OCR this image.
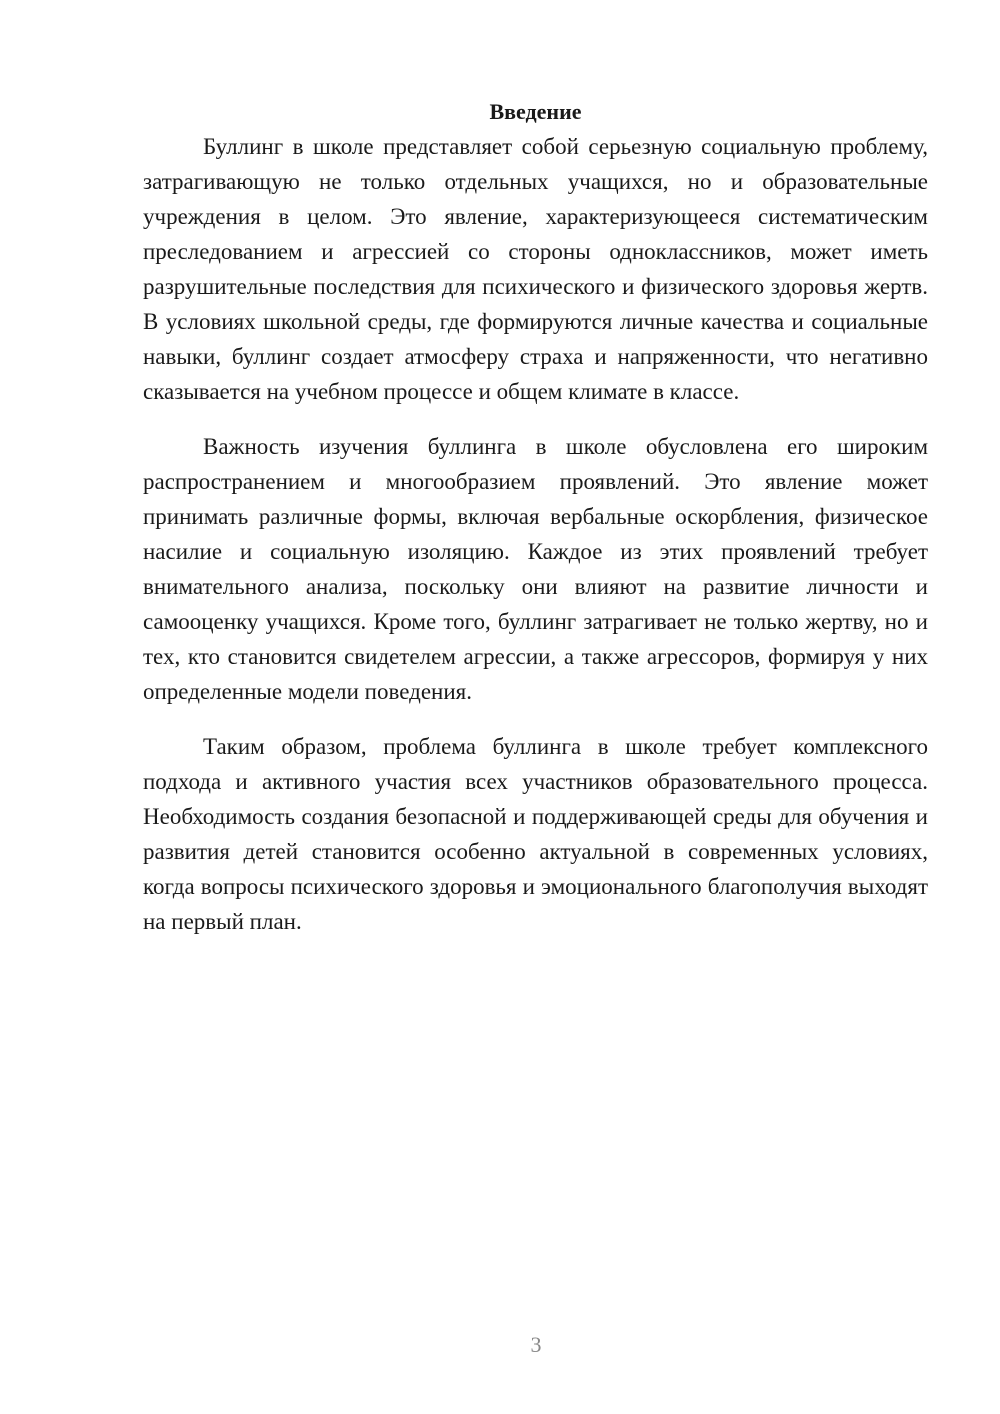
Введение

Буллинг в школе представляет собой серьезную социальную проблему, затрагивающую не только отдельных учащихся, но и образовательные учреждения в целом. Это явление, характеризующееся систематическим преследованием и агрессией со стороны одноклассников, может иметь разрушительные последствия для психического и физического здоровья жертв. В условиях школьной среды, где формируются личные качества и социальные навыки, буллинг создает атмосферу страха и напряженности, что негативно сказывается на учебном процессе и общем климате в классе.

Важность изучения буллинга в школе обусловлена его широким распространением и многообразием проявлений. Это явление может принимать различные формы, включая вербальные оскорбления, физическое насилие и социальную изоляцию. Каждое из этих проявлений требует внимательного анализа, поскольку они влияют на развитие личности и самооценку учащихся. Кроме того, буллинг затрагивает не только жертву, но и тех, кто становится свидетелем агрессии, а также агрессоров, формируя у них определенные модели поведения.

Таким образом, проблема буллинга в школе требует комплексного подхода и активного участия всех участников образовательного процесса. Необходимость создания безопасной и поддерживающей среды для обучения и развития детей становится особенно актуальной в современных условиях, когда вопросы психического здоровья и эмоционального благополучия выходят на первый план.

3
